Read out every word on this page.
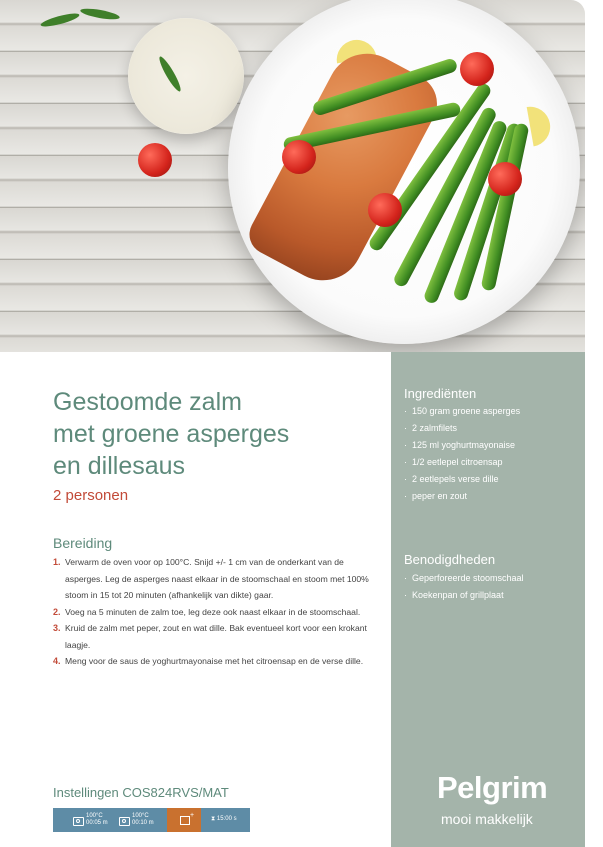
Gestoomde zalm
met groene asperges
en dillesaus
2 personen
Bereiding
1. Verwarm de oven voor op 100°C. Snijd +/- 1 cm van de onderkant van de asperges. Leg de asperges naast elkaar in de stoomschaal en stoom met 100% stoom in 15 tot 20 minuten (afhankelijk van dikte) gaar.
2. Voeg na 5 minuten de zalm toe, leg deze ook naast elkaar in de stoomschaal.
3. Kruid de zalm met peper, zout en wat dille. Bak eventueel kort voor een krokant laagje.
4. Meng voor de saus de yoghurtmayonaise met het citroensap en de verse dille.
Instellingen COS824RVS/MAT
100°C
00:05 m
100°C
00:10 m
+
⧗ 15:00 s
Ingrediënten
· 150 gram groene asperges
· 2 zalmfilets
· 125 ml yoghurtmayonaise
· 1/2 eetlepel citroensap
· 2 eetlepels verse dille
· peper en zout
Benodigdheden
· Geperforeerde stoomschaal
· Koekenpan of grillplaat
Pelgrim
mooi makkelijk
